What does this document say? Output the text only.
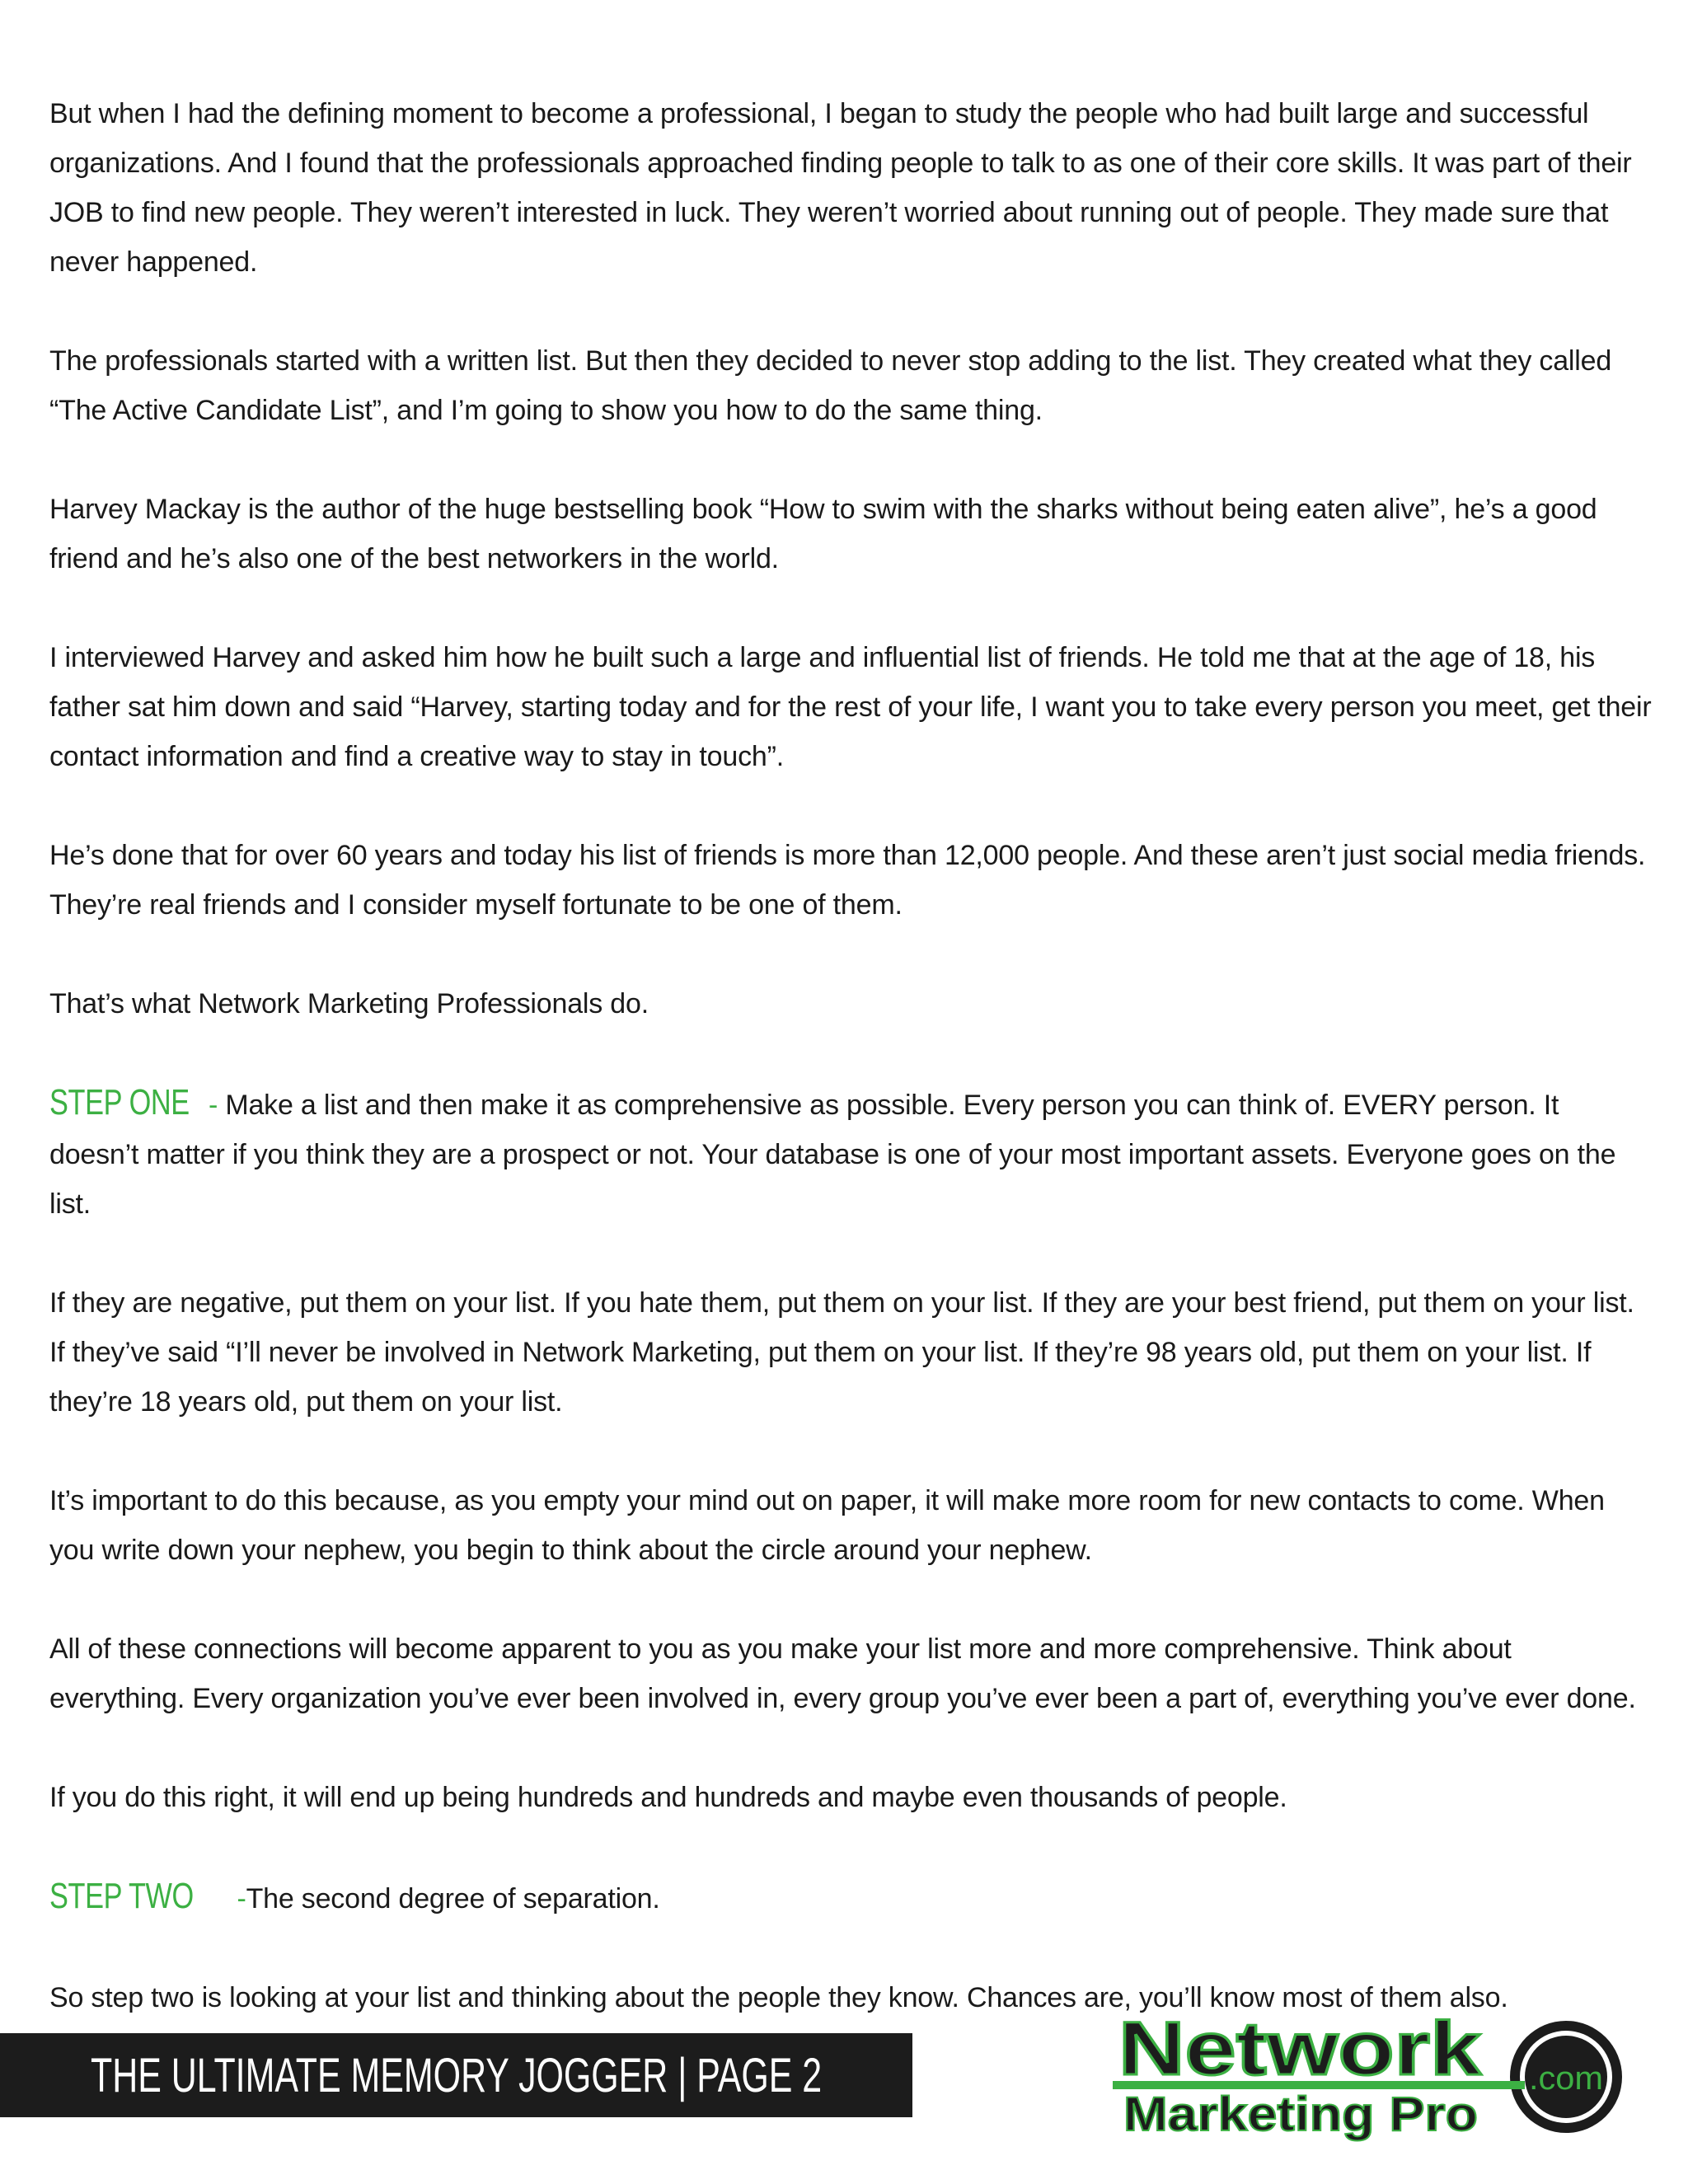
But when I had the defining moment to become a professional, I began to study the people who had built large and successful organizations. And I found that the professionals approached finding people to talk to as one of their core skills. It was part of their JOB to find new people. They weren’t interested in luck. They weren’t worried about running out of people. They made sure that never happened.

The professionals started with a written list. But then they decided to never stop adding to the list. They created what they called “The Active Candidate List”, and I’m going to show you how to do the same thing.

Harvey Mackay is the author of the huge bestselling book “How to swim with the sharks without being eaten alive”, he’s a good friend and he’s also one of the best networkers in the world.

I interviewed Harvey and asked him how he built such a large and influential list of friends. He told me that at the age of 18, his father sat him down and said “Harvey, starting today and for the rest of your life, I want you to take every person you meet, get their contact information and find a creative way to stay in touch”.

He’s done that for over 60 years and today his list of friends is more than 12,000 people. And these aren’t just social media friends. They’re real friends and I consider myself fortunate to be one of them.

That’s what Network Marketing Professionals do.

STEP ONE - Make a list and then make it as comprehensive as possible. Every person you can think of. EVERY person. It doesn’t matter if you think they are a prospect or not. Your database is one of your most important assets. Everyone goes on the list.

If they are negative, put them on your list. If you hate them, put them on your list. If they are your best friend, put them on your list. If they’ve said “I’ll never be involved in Network Marketing, put them on your list. If they’re 98 years old, put them on your list. If they’re 18 years old, put them on your list.

It’s important to do this because, as you empty your mind out on paper, it will make more room for new contacts to come. When you write down your nephew, you begin to think about the circle around your nephew.

All of these connections will become apparent to you as you make your list more and more comprehensive. Think about everything. Every organization you’ve ever been involved in, every group you’ve ever been a part of, everything you’ve ever done.

If you do this right, it will end up being hundreds and hundreds and maybe even thousands of people.

STEP TWO -The second degree of separation.

So step two is looking at your list and thinking about the people they know. Chances are, you’ll know most of them also.

THE ULTIMATE MEMORY JOGGER | PAGE 2	Network
Marketing Pro
.com
